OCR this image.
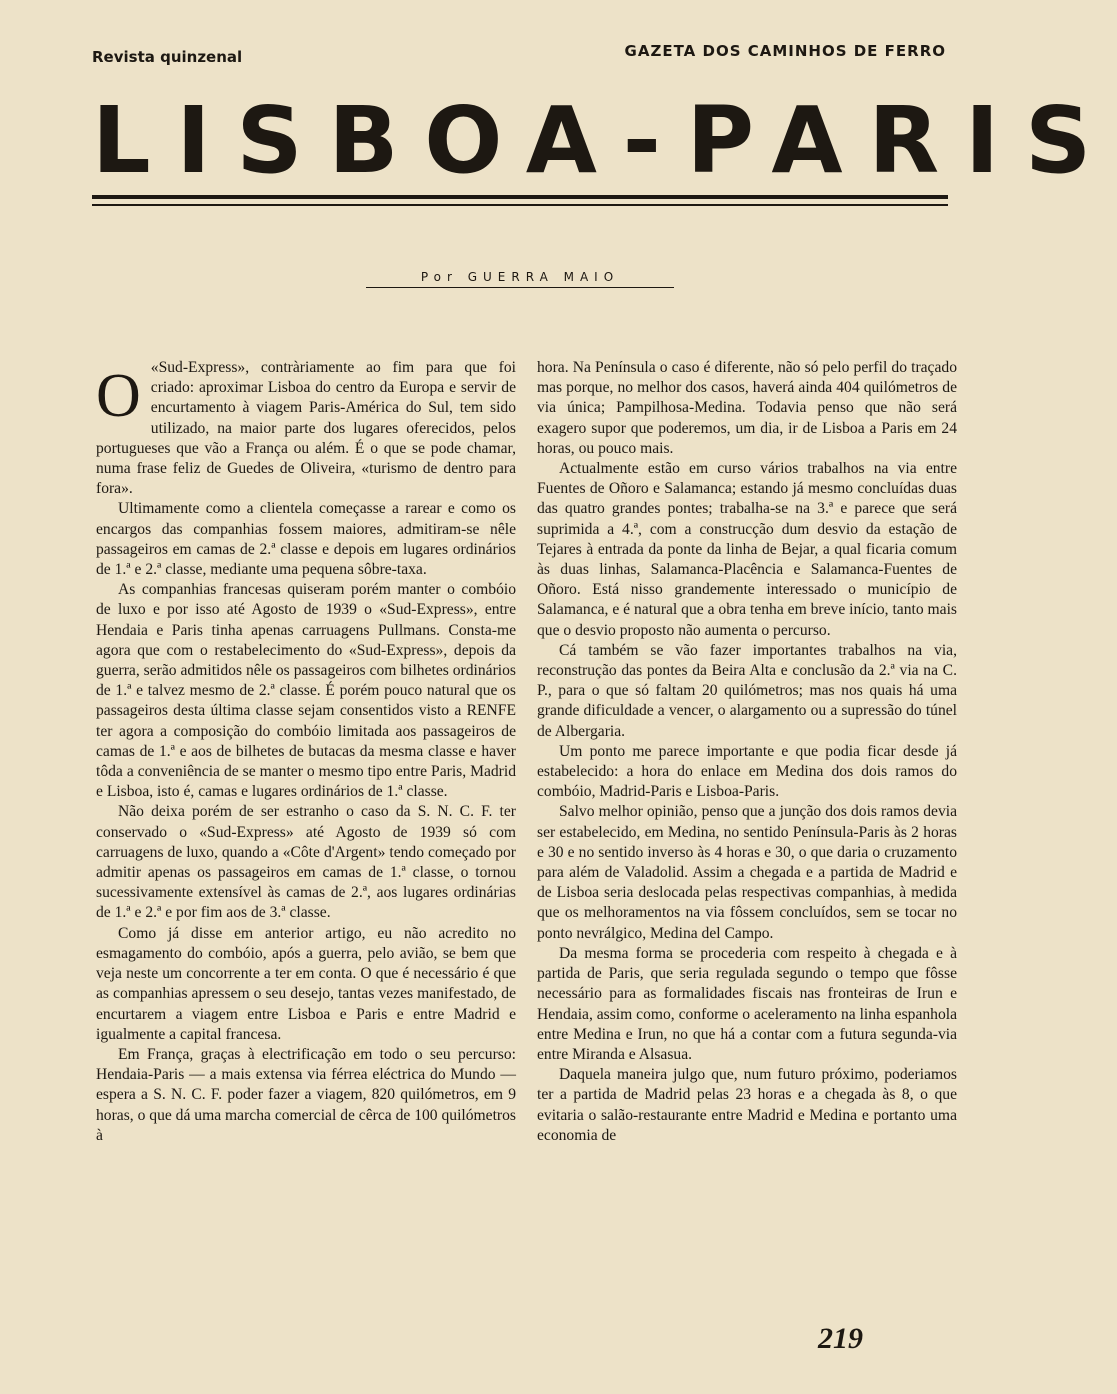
Revista quinzenal	GAZETA DOS CAMINHOS DE FERRO
LISBOA-PARIS
Por GUERRA MAIO
O «Sud-Express», contràriamente ao fim para que foi criado: aproximar Lisboa do centro da Europa e servir de encurtamento à viagem Paris-América do Sul, tem sido utilizado, na maior parte dos lugares oferecidos, pelos portugueses que vão a França ou além. É o que se pode chamar, numa frase feliz de Guedes de Oliveira, «turismo de dentro para fora».

Ultimamente como a clientela começasse a rarear e como os encargos das companhias fossem maiores, admitiram-se nêle passageiros em camas de 2.ª classe e depois em lugares ordinários de 1.ª e 2.ª classe, mediante uma pequena sôbre-taxa.

As companhias francesas quiseram porém manter o combóio de luxo e por isso até Agosto de 1939 o «Sud-Express», entre Hendaia e Paris tinha apenas carruagens Pullmans. Consta-me agora que com o restabelecimento do «Sud-Express», depois da guerra, serão admitidos nêle os passageiros com bilhetes ordinários de 1.ª e talvez mesmo de 2.ª classe. É porém pouco natural que os passageiros desta última classe sejam consentidos visto a RENFE ter agora a composição do combóio limitada aos passageiros de camas de 1.ª e aos de bilhetes de butacas da mesma classe e haver tôda a conveniência de se manter o mesmo tipo entre Paris, Madrid e Lisboa, isto é, camas e lugares ordinários de 1.ª classe.

Não deixa porém de ser estranho o caso da S. N. C. F. ter conservado o «Sud-Express» até Agosto de 1939 só com carruagens de luxo, quando a «Côte d'Argent» tendo começado por admitir apenas os passageiros em camas de 1.ª classe, o tornou sucessivamente extensível às camas de 2.ª, aos lugares ordinárias de 1.ª e 2.ª e por fim aos de 3.ª classe.

Como já disse em anterior artigo, eu não acredito no esmagamento do combóio, após a guerra, pelo avião, se bem que veja neste um concorrente a ter em conta. O que é necessário é que as companhias apressem o seu desejo, tantas vezes manifestado, de encurtarem a viagem entre Lisboa e Paris e entre Madrid e igualmente a capital francesa.

Em França, graças à electrificação em todo o seu percurso: Hendaia-Paris — a mais extensa via férrea eléctrica do Mundo — espera a S. N. C. F. poder fazer a viagem, 820 quilómetros, em 9 horas, o que dá uma marcha comercial de cêrca de 100 quilómetros à

hora. Na Península o caso é diferente, não só pelo perfil do traçado mas porque, no melhor dos casos, haverá ainda 404 quilómetros de via única; Pampilhosa-Medina. Todavia penso que não será exagero supor que poderemos, um dia, ir de Lisboa a Paris em 24 horas, ou pouco mais.

Actualmente estão em curso vários trabalhos na via entre Fuentes de Oñoro e Salamanca; estando já mesmo concluídas duas das quatro grandes pontes; trabalha-se na 3.ª e parece que será suprimida a 4.ª, com a construcção dum desvio da estação de Tejares à entrada da ponte da linha de Bejar, a qual ficaria comum às duas linhas, Salamanca-Placência e Salamanca-Fuentes de Oñoro. Está nisso grandemente interessado o município de Salamanca, e é natural que a obra tenha em breve início, tanto mais que o desvio proposto não aumenta o percurso.

Cá também se vão fazer importantes trabalhos na via, reconstrução das pontes da Beira Alta e conclusão da 2.ª via na C. P., para o que só faltam 20 quilómetros; mas nos quais há uma grande dificuldade a vencer, o alargamento ou a supressão do túnel de Albergaria.

Um ponto me parece importante e que podia ficar desde já estabelecido: a hora do enlace em Medina dos dois ramos do combóio, Madrid-Paris e Lisboa-Paris.

Salvo melhor opinião, penso que a junção dos dois ramos devia ser estabelecido, em Medina, no sentido Península-Paris às 2 horas e 30 e no sentido inverso às 4 horas e 30, o que daria o cruzamento para além de Valadolid. Assim a chegada e a partida de Madrid e de Lisboa seria deslocada pelas respectivas companhias, à medida que os melhoramentos na via fôssem concluídos, sem se tocar no ponto nevrálgico, Medina del Campo.

Da mesma forma se procederia com respeito à chegada e à partida de Paris, que seria regulada segundo o tempo que fôsse necessário para as formalidades fiscais nas fronteiras de Irun e Hendaia, assim como, conforme o aceleramento na linha espanhola entre Medina e Irun, no que há a contar com a futura segunda-via entre Miranda e Alsasua.

Daquela maneira julgo que, num futuro próximo, poderiamos ter a partida de Madrid pelas 23 horas e a chegada às 8, o que evitaria o salão-restaurante entre Madrid e Medina e portanto uma economia de

219
